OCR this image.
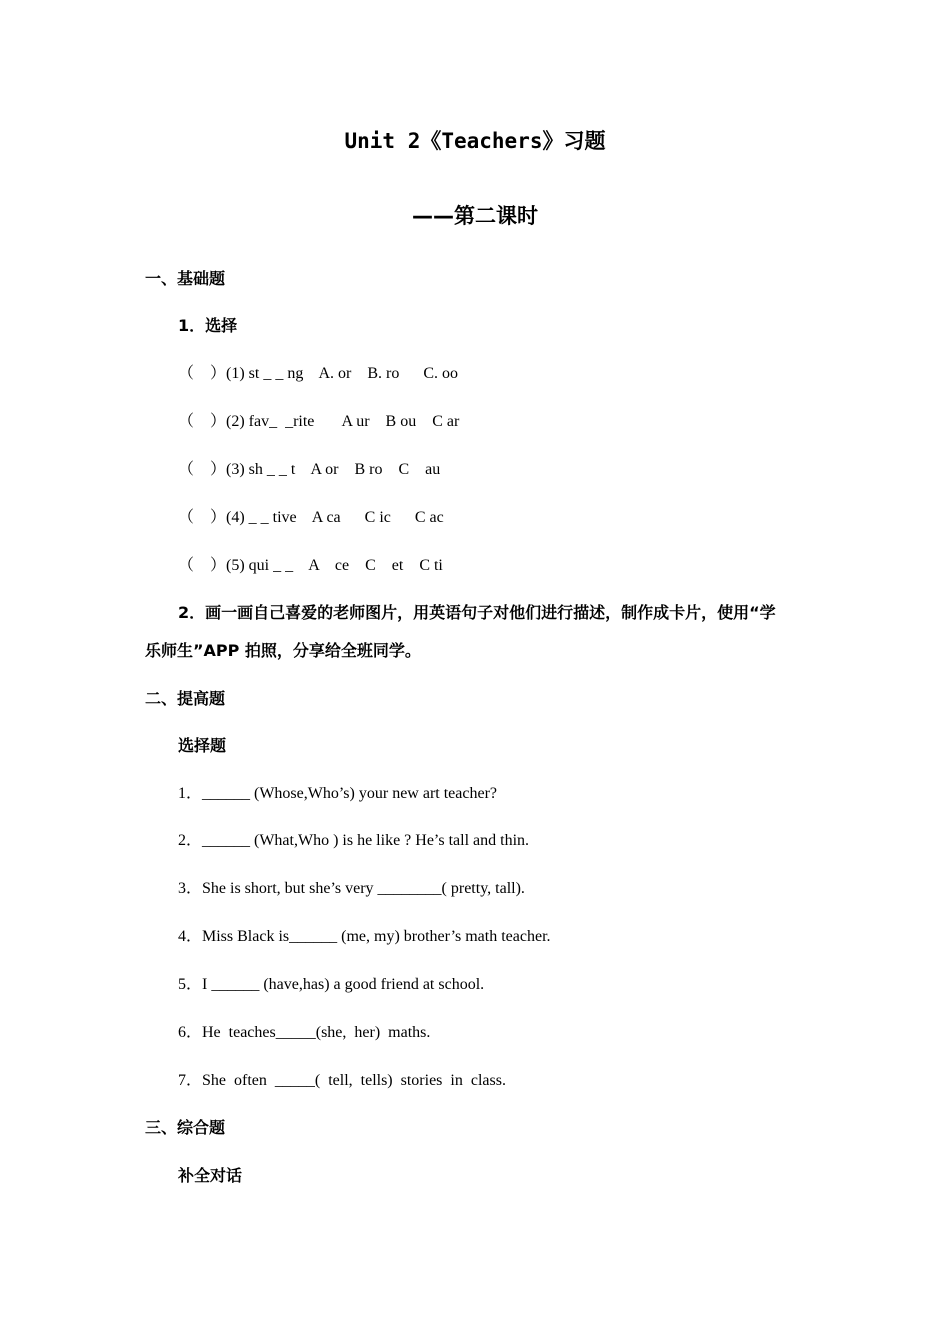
Unit 2《Teachers》习题
——第二课时
一、基础题
1．选择
（　）(1) st _ _ ng    A. or    B. ro      C. oo
（　）(2) fav_  _rite       A ur    B ou    C ar
（　）(3) sh _ _ t    A or    B ro    C    au
（　）(4) _ _ tive    A ca      C ic      C ac
（　）(5) qui _ _    A    ce    C    et    C ti
2．画一画自己喜爱的老师图片，用英语句子对他们进行描述，制作成卡片，使用“学
乐师生”APP 拍照，分享给全班同学。
二、提高题
选择题
1．______ (Whose,Who’s) your new art teacher?
2．______ (What,Who ) is he like ? He’s tall and thin.
3．She is short, but she’s very ________( pretty, tall).
4．Miss Black is______ (me, my) brother’s math teacher.
5．I ______ (have,has) a good friend at school.
6．He  teaches_____(she,  her)  maths.
7．She  often  _____(  tell,  tells)  stories  in  class.
三、综合题
补全对话
